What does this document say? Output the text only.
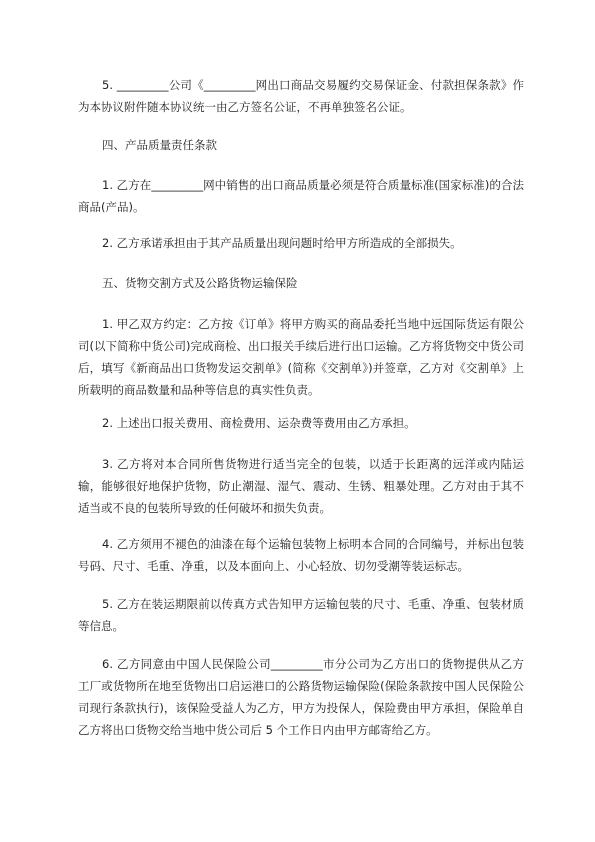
5. _________公司《_________网出口商品交易履约交易保证金、付款担保条款》作为本协议附件随本协议统一由乙方签名公证，不再单独签名公证。

四、产品质量责任条款

1. 乙方在_________网中销售的出口商品质量必须是符合质量标准(国家标准)的合法商品(产品)。

2. 乙方承诺承担由于其产品质量出现问题时给甲方所造成的全部损失。

五、货物交割方式及公路货物运输保险

1. 甲乙双方约定：乙方按《订单》将甲方购买的商品委托当地中远国际货运有限公司(以下简称中货公司)完成商检、出口报关手续后进行出口运输。乙方将货物交中货公司后，填写《新商品出口货物发运交割单》(简称《交割单》)并签章，乙方对《交割单》上所载明的商品数量和品种等信息的真实性负责。

2. 上述出口报关费用、商检费用、运杂费等费用由乙方承担。

3. 乙方将对本合同所售货物进行适当完全的包装，以适于长距离的远洋或内陆运输，能够很好地保护货物，防止潮湿、湿气、震动、生锈、粗暴处理。乙方对由于其不适当或不良的包装所导致的任何破坏和损失负责。

4. 乙方须用不褪色的油漆在每个运输包装物上标明本合同的合同编号，并标出包装号码、尺寸、毛重、净重，以及本面向上、小心轻放、切勿受潮等装运标志。

5. 乙方在装运期限前以传真方式告知甲方运输包装的尺寸、毛重、净重、包装材质等信息。

6. 乙方同意由中国人民保险公司_________市分公司为乙方出口的货物提供从乙方工厂或货物所在地至货物出口启运港口的公路货物运输保险(保险条款按中国人民保险公司现行条款执行)，该保险受益人为乙方，甲方为投保人，保险费由甲方承担，保险单自乙方将出口货物交给当地中货公司后 5 个工作日内由甲方邮寄给乙方。
